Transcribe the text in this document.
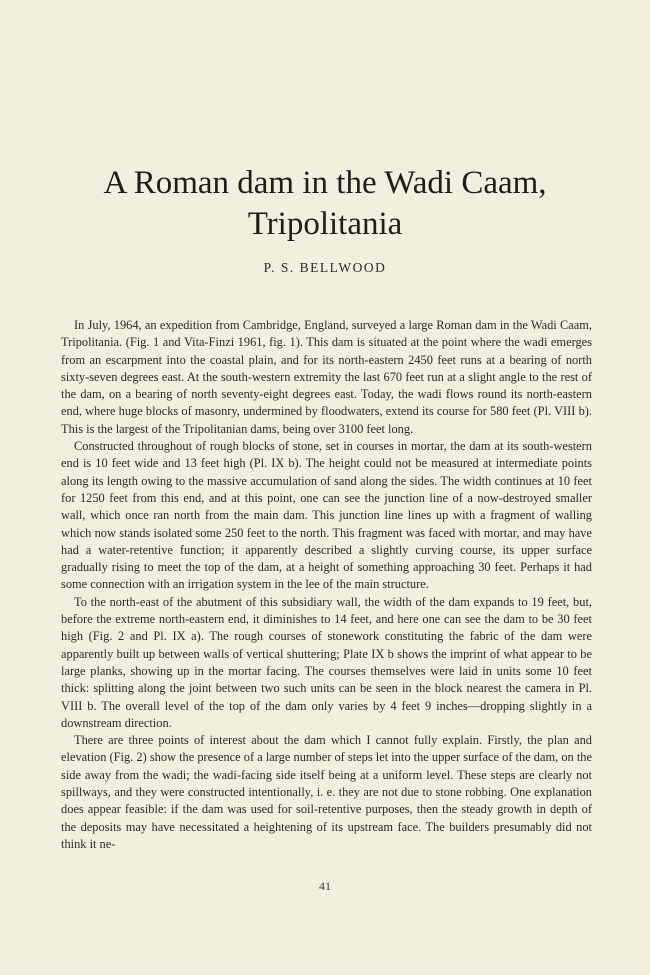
A Roman dam in the Wadi Caam,
Tripolitania
P. S. BELLWOOD

In July, 1964, an expedition from Cambridge, England, surveyed a large Roman dam in the Wadi Caam, Tripolitania. (Fig. 1 and Vita-Finzi 1961, fig. 1). This dam is situated at the point where the wadi emerges from an escarpment into the coastal plain, and for its north-eastern 2450 feet runs at a bearing of north sixty-seven degrees east. At the south-western extremity the last 670 feet run at a slight angle to the rest of the dam, on a bearing of north seventy-eight degrees east. Today, the wadi flows round its north-eastern end, where huge blocks of masonry, undermined by floodwaters, extend its course for 580 feet (Pl. VIII b). This is the largest of the Tripolitanian dams, being over 3100 feet long.

Constructed throughout of rough blocks of stone, set in courses in mortar, the dam at its south-western end is 10 feet wide and 13 feet high (Pl. IX b). The height could not be measured at intermediate points along its length owing to the massive accumulation of sand along the sides. The width continues at 10 feet for 1250 feet from this end, and at this point, one can see the junction line of a now-destroyed smaller wall, which once ran north from the main dam. This junction line lines up with a fragment of walling which now stands isolated some 250 feet to the north. This fragment was faced with mortar, and may have had a water-retentive function; it apparently described a slightly curving course, its upper surface gradually rising to meet the top of the dam, at a height of something approaching 30 feet. Perhaps it had some connection with an irrigation system in the lee of the main structure.

To the north-east of the abutment of this subsidiary wall, the width of the dam expands to 19 feet, but, before the extreme north-eastern end, it diminishes to 14 feet, and here one can see the dam to be 30 feet high (Fig. 2 and Pl. IX a). The rough courses of stonework constituting the fabric of the dam were apparently built up between walls of vertical shuttering; Plate IX b shows the imprint of what appear to be large planks, showing up in the mortar facing. The courses themselves were laid in units some 10 feet thick: splitting along the joint between two such units can be seen in the block nearest the camera in Pl. VIII b. The overall level of the top of the dam only varies by 4 feet 9 inches—dropping slightly in a downstream direction.

There are three points of interest about the dam which I cannot fully explain. Firstly, the plan and elevation (Fig. 2) show the presence of a large number of steps let into the upper surface of the dam, on the side away from the wadi; the wadi-facing side itself being at a uniform level. These steps are clearly not spillways, and they were constructed intentionally, i. e. they are not due to stone robbing. One explanation does appear feasible: if the dam was used for soil-retentive purposes, then the steady growth in depth of the deposits may have necessitated a heightening of its upstream face. The builders presumably did not think it ne-

41
